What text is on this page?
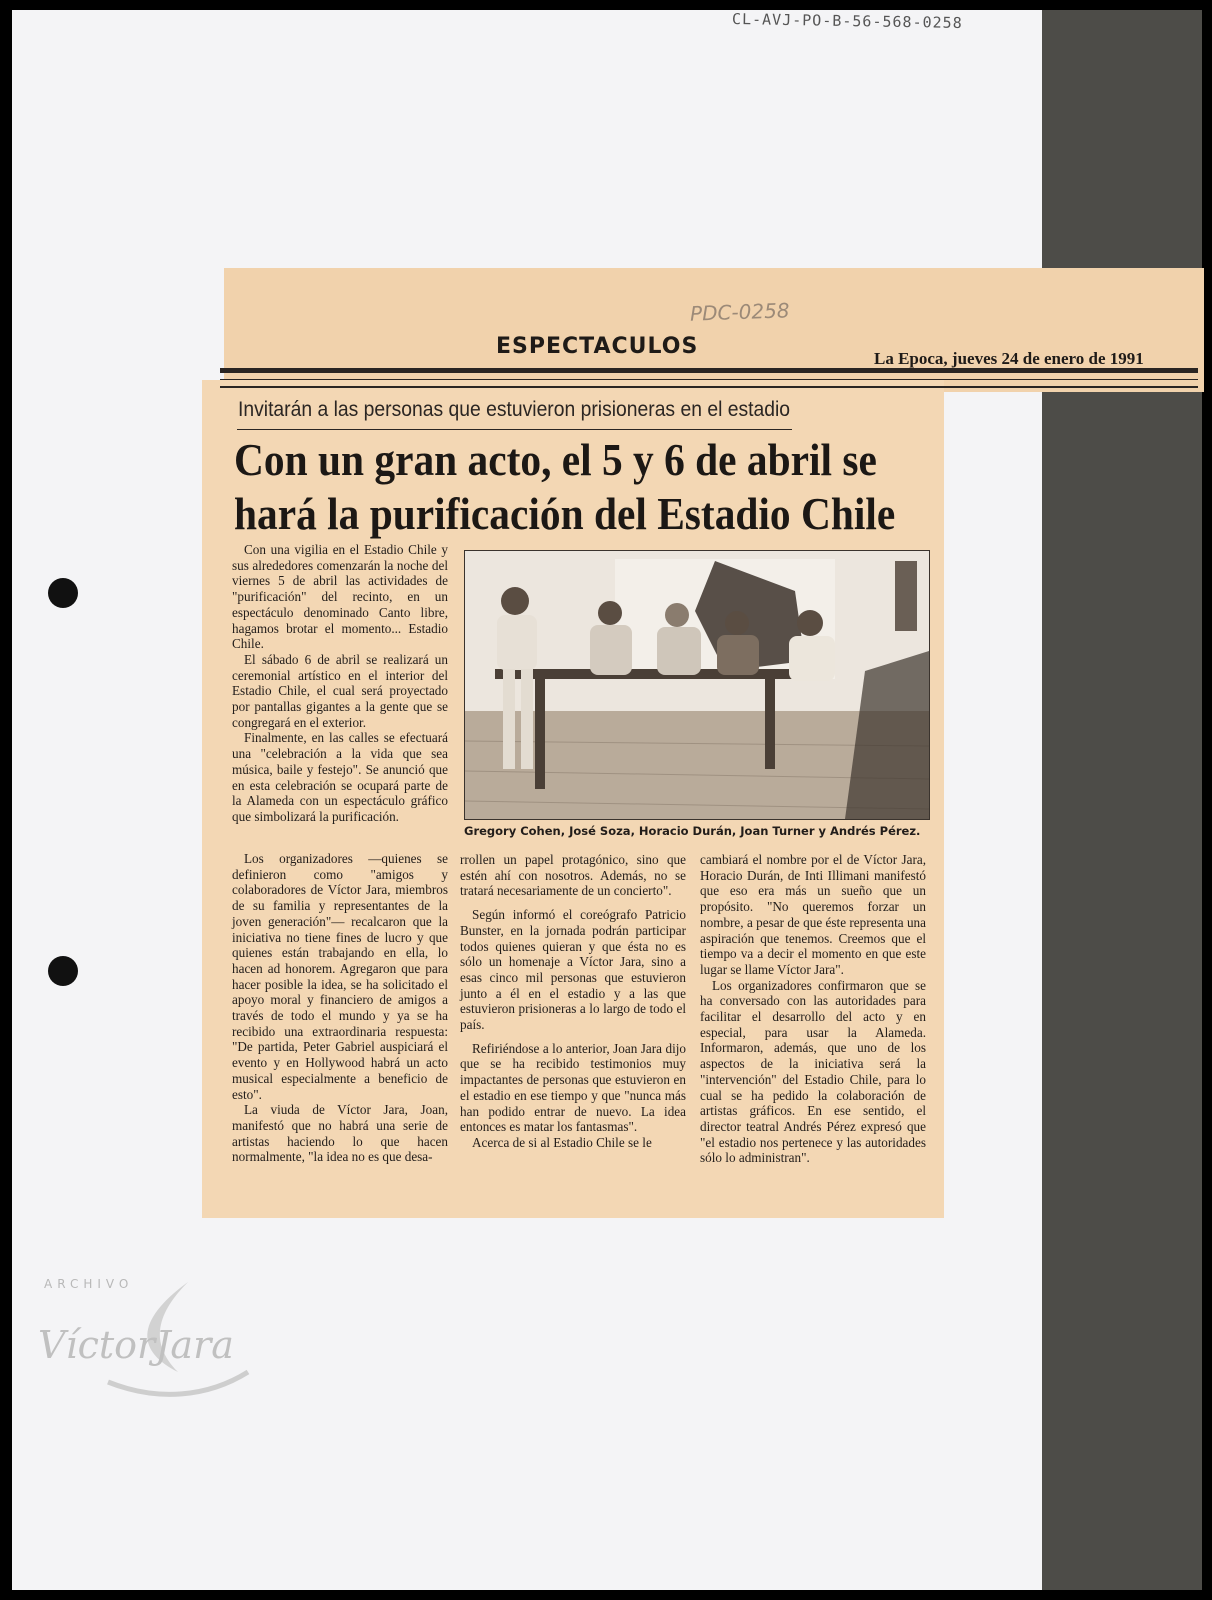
CL-AVJ-PO-B-56-568-0258
PDC-0258
ESPECTACULOS	La Epoca, jueves 24 de enero de 1991
Invitarán a las personas que estuvieron prisioneras en el estadio
Con un gran acto, el 5 y 6 de abril se
hará la purificación del Estadio Chile

Con una vigilia en el Estadio Chile y sus alrededores comenzarán la noche del viernes 5 de abril las actividades de "purificación" del recinto, en un espectáculo denominado Canto libre, hagamos brotar el momento... Estadio Chile.

El sábado 6 de abril se realizará un ceremonial artístico en el interior del Estadio Chile, el cual será proyectado por pantallas gigantes a la gente que se congregará en el exterior.

Finalmente, en las calles se efectuará una "celebración a la vida que sea música, baile y festejo". Se anunció que en esta celebración se ocupará parte de la Alameda con un espectáculo gráfico que simbolizará la purificación.

Los organizadores —quienes se definieron como "amigos y colaboradores de Víctor Jara, miembros de su familia y representantes de la joven generación"— recalcaron que la iniciativa no tiene fines de lucro y que quienes están trabajando en ella, lo hacen ad honorem. Agregaron que para hacer posible la idea, se ha solicitado el apoyo moral y financiero de amigos a través de todo el mundo y ya se ha recibido una extraordinaria respuesta: "De partida, Peter Gabriel auspiciará el evento y en Hollywood habrá un acto musical especialmente a beneficio de esto".

La viuda de Víctor Jara, Joan, manifestó que no habrá una serie de artistas haciendo lo que hacen normalmente, "la idea no es que desa-

Gregory Cohen, José Soza, Horacio Durán, Joan Turner y Andrés Pérez.

rrollen un papel protagónico, sino que estén ahí con nosotros. Además, no se tratará necesariamente de un concierto".

Según informó el coreógrafo Patricio Bunster, en la jornada podrán participar todos quienes quieran y que ésta no es sólo un homenaje a Víctor Jara, sino a esas cinco mil personas que estuvieron junto a él en el estadio y a las que estuvieron prisioneras a lo largo de todo el país.

Refiriéndose a lo anterior, Joan Jara dijo que se ha recibido testimonios muy impactantes de personas que estuvieron en el estadio en ese tiempo y que "nunca más han podido entrar de nuevo. La idea entonces es matar los fantasmas".

Acerca de si al Estadio Chile se le

cambiará el nombre por el de Víctor Jara, Horacio Durán, de Inti Illimani manifestó que eso era más un sueño que un propósito. "No queremos forzar un nombre, a pesar de que éste representa una aspiración que tenemos. Creemos que el tiempo va a decir el momento en que este lugar se llame Víctor Jara".

Los organizadores confirmaron que se ha conversado con las autoridades para facilitar el desarrollo del acto y en especial, para usar la Alameda. Informaron, además, que uno de los aspectos de la iniciativa será la "intervención" del Estadio Chile, para lo cual se ha pedido la colaboración de artistas gráficos. En ese sentido, el director teatral Andrés Pérez expresó que "el estadio nos pertenece y las autoridades sólo lo administran".

ARCHIVO
VíctorJara
